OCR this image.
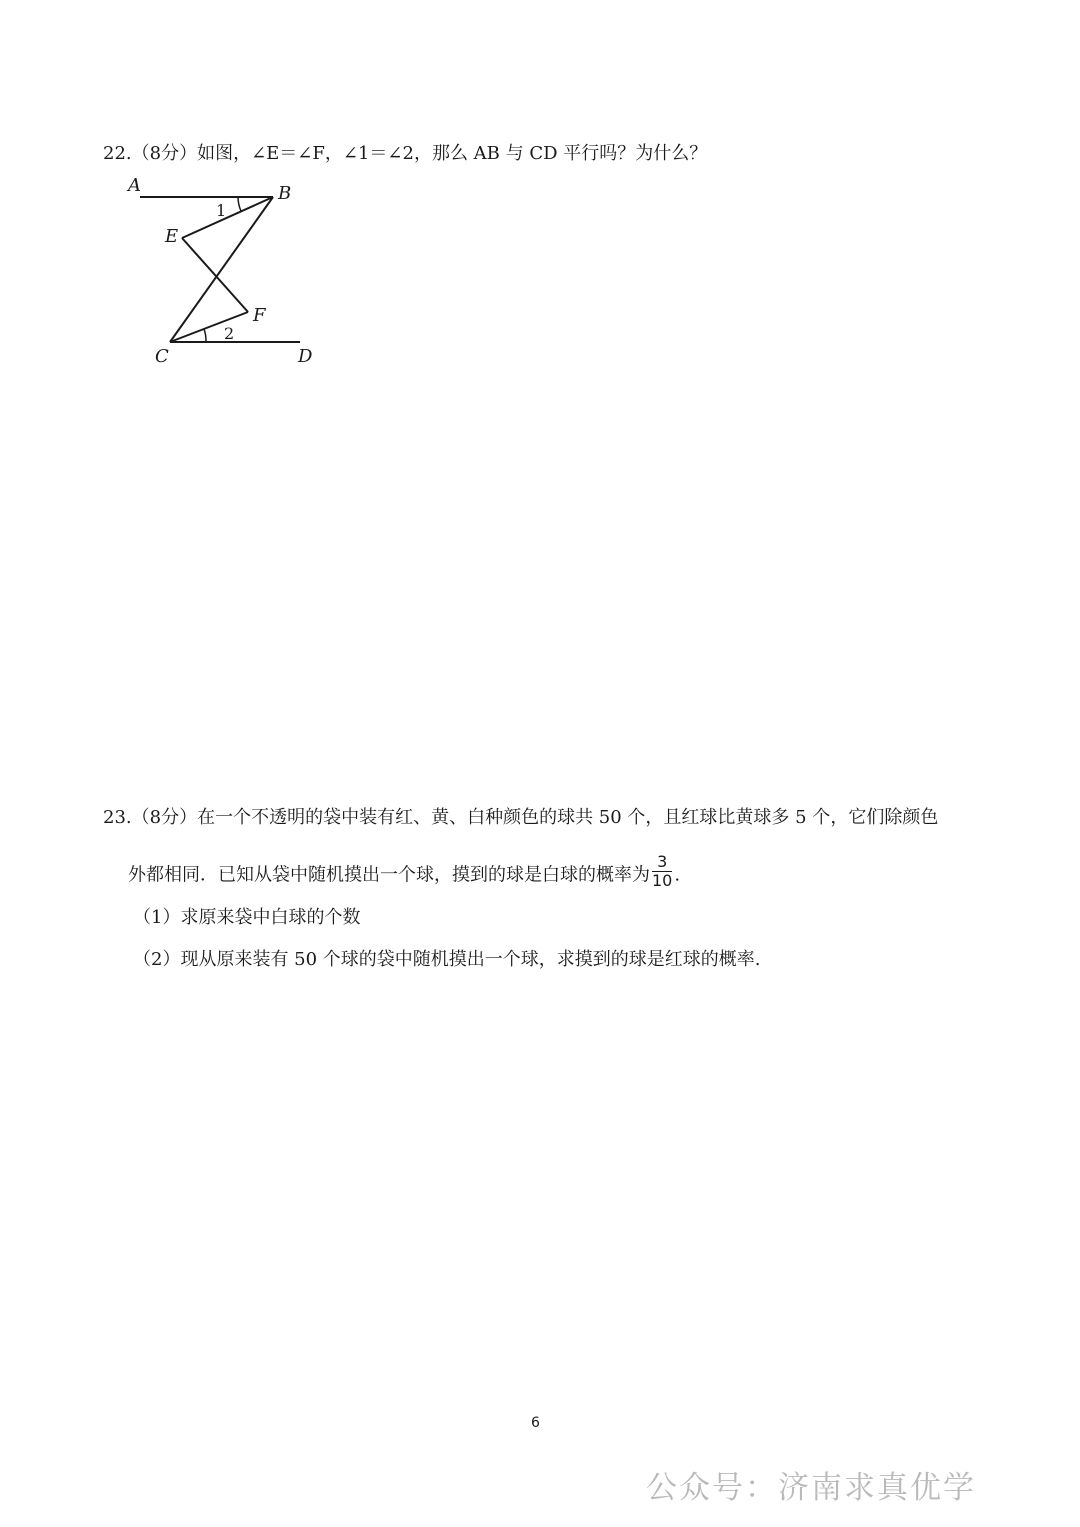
22.（8分）如图，∠E＝∠F，∠1＝∠2，那么 AB 与 CD 平行吗？为什么？
A	B
E
F
C	D
1
2
23.（8分）在一个不透明的袋中装有红、黄、白种颜色的球共 50 个，且红球比黄球多 5 个，它们除颜色
外都相同．已知从袋中随机摸出一个球，摸到的球是白球的概率为 $\frac{3}{10}$ .
（1）求原来袋中白球的个数
（2）现从原来装有 50 个球的袋中随机摸出一个球，求摸到的球是红球的概率.
6
公众号：济南求真优学
